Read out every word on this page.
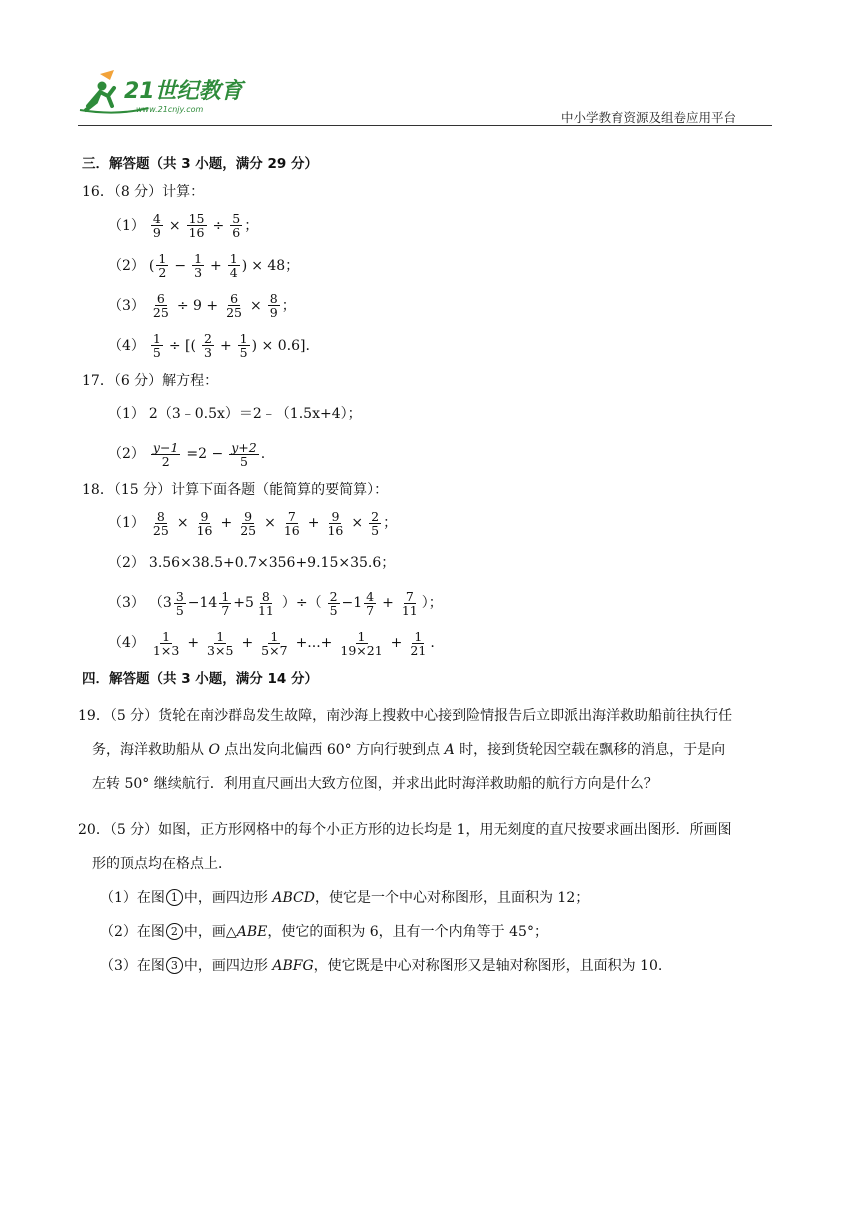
21世纪教育
www.21cnjy.com
中小学教育资源及组卷应用平台
三．解答题（共 3 小题，满分 29 分）
16．（8 分）计算：
$(1) \frac{4}{9} \times \frac{15}{16} \div \frac{5}{6}$ ；
（2） ( $\frac{1}{2} - \frac{1}{3} + \frac{1}{4}$ ) × 48；
$(3) \frac{6}{25} \div 9 + \frac{6}{25} \times \frac{8}{9}$ ；
$(4) \frac{1}{5}$ ÷ [( $\frac{2}{3} + \frac{1}{5}$ ) × 0.6].
17．（6 分）解方程：
（1） 2（3﹣0.5x）＝2﹣（1.5x+4）；
$(2) \frac{y-1}{2} =2 - \frac{y+2}{5}$ .
18．（15 分）计算下面各题（能简算的要简算）：
$(1) \frac{8}{25} \times \frac{9}{16} + \frac{9}{25} \times \frac{7}{16} + \frac{9}{16} \times \frac{2}{5}$ ；
（2） 3.56×38.5+0.7×356+9.15×35.6；
（3） （$3 \frac{3}{5} -14 \frac{1}{7} +5 \frac{8}{11}$ ）÷（ $\frac{2}{5} -1 \frac{4}{7} + \frac{7}{11}$ ）；
$(4) \frac{1}{1\times 3} + \frac{1}{3\times 5} + \frac{1}{5\times 7}$ +...+ $\frac{1}{19\times 21} + \frac{1}{21}$ .
四．解答题（共 3 小题，满分 14 分）
19．（5 分）货轮在南沙群岛发生故障，南沙海上搜救中心接到险情报告后立即派出海洋救助船前往执行任
务，海洋救助船从 O 点出发向北偏西 60° 方向行驶到点 A 时，接到货轮因空载在飘移的消息，于是向
左转 50° 继续航行．利用直尺画出大致方位图，并求出此时海洋救助船的航行方向是什么？
20．（5 分）如图，正方形网格中的每个小正方形的边长均是 1，用无刻度的直尺按要求画出图形．所画图
形的顶点均在格点上．
（1）在图 1 中，画四边形 ABCD，使它是一个中心对称图形，且面积为 12；
（2）在图 2 中，画△ABE，使它的面积为 6，且有一个内角等于 45°；
（3）在图 3 中，画四边形 ABFG，使它既是中心对称图形又是轴对称图形，且面积为 10.
